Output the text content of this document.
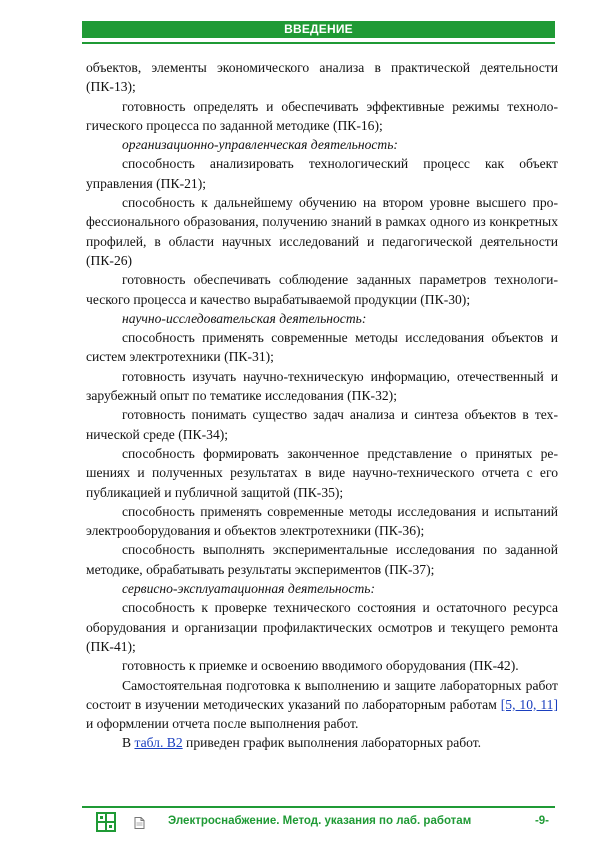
ВВЕДЕНИЕ

объектов, элементы экономического анализа в практической деятельности (ПК-13);

готовность определять и обеспечивать эффективные режимы технологического процесса по заданной методике (ПК-16);

организационно-управленческая деятельность:

способность анализировать технологический процесс как объект управления (ПК-21);

способность к дальнейшему обучению на втором уровне высшего профессионального образования, получению знаний в рамках одного из конкретных профилей, в области научных исследований и педагогической деятельности (ПК-26)

готовность обеспечивать соблюдение заданных параметров технологического процесса и качество вырабатываемой продукции (ПК-30);

научно-исследовательская деятельность:

способность применять современные методы исследования объектов и систем электротехники (ПК-31);

готовность изучать научно-техническую информацию, отечественный и зарубежный опыт по тематике исследования (ПК-32);

готовность понимать существо задач анализа и синтеза объектов в технической среде (ПК-34);

способность формировать законченное представление о принятых решениях и полученных результатах в виде научно-технического отчета с его публикацией и публичной защитой (ПК-35);

способность применять современные методы исследования и испытаний электрооборудования и объектов электротехники (ПК-36);

способность выполнять экспериментальные исследования по заданной методике, обрабатывать результаты экспериментов (ПК-37);

сервисно-эксплуатационная деятельность:

способность к проверке технического состояния и остаточного ресурса оборудования и организации профилактических осмотров и текущего ремонта (ПК-41);

готовность к приемке и освоению вводимого оборудования (ПК-42).

Самостоятельная подготовка к выполнению и защите лабораторных работ состоит в изучении методических указаний по лабораторным работам [5, 10, 11] и оформлении отчета после выполнения работ.

В табл. В2 приведен график выполнения лабораторных работ.

Электроснабжение. Метод. указания по лаб. работам	-9-
